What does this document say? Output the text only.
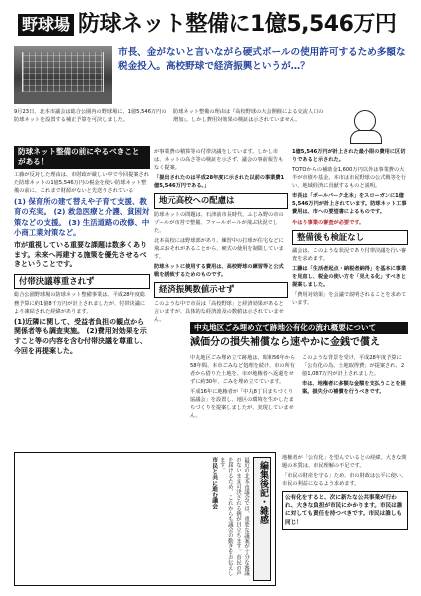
野球場 防球ネット整備に1億5,546万円
市長、金がないと言いながら硬式ボールの使用許可するため多額な税金投入。高校野球で経済振興というが…？
9月23日、北本市議会は総合公園内の野球場に、1億5,546万円の防球ネットを設置する補正予算を可決しました。
防球ネット整備の理由は『高校野球の大会開催による交流人口の増加』。しかし費用対効果の検証は示されていません。
防球ネット整備の前にやるべきことがある！

工藤が反対した理由は、市財政が厳しい中で今回提案された防球ネットの1億5,546万円の税金を使い防球ネット整備の前に、これまで財源がないと先送りされている

(1) 保育所の建て替えや子育て支援、教育の充実。 (2) 救急医療と介護、貧困対策などの支援。 (3) 生活道路の改修、中小商工業対策など。
市が重視している重要な課題は数多くあります。未来へ再建する施策を優先させるべきということです。
付帯決議尊重されず

総合公園野球場の防球ネット整備事業は、平成28年度総務予算に約1億8千万円が計上されましたが、付帯決議により凍結された経緯があります。

(1)近隣に関して、受益者負担の観点から関係者等も調査実施。 (2)費用対効果を示すこと等の内容を含む付帯決議を尊重し、今回を再提案した。

が事業費の積算等の付帯決議をしています。しかし市は、ネットの高さ等の検証を示さず、議会の事前報告もなく提案。

「提出されたのは平成28年度に示された以前の事業費1億5,546万円である。」

地元高校への配慮は

防球ネットの問題は、石津前市長時代、ふじみ野の市のプールが市営で整備、ファールボールが飛ぶ状況でした。

北本高校には野球部があり、練習中の打球が住宅などに飛ぶおそれがあることから、硬式の使用を制限しています。

防球ネットに使用する費用は、高校野球の練習等と公式戦を誘致するためのものです。

経済振興数値示せず

このような中で市長は「高校野球」と経済効果があると言いますが、具体的な経済波及の数値は示されていません。

1億5,546万円が計上された最小限の費用に区切りであると示された。

TOTOからの補助金1,600万円以外は事業費の大半が市債や基金。本市は市民野球の公式戦等を行い、地域経済に貢献するものと説明。

市長は「ボールパーク北本」をスローガンに1億5,546万円が計上されています。防球ネット工事費用は、市への要望書によるものです。

やはり事業の審査が必要です。

整備後も検証なし

議会は、このような状況であり付帯決議を行い審査を求めます。

工藤は「生活者起点・納税者納得」を基本に事業を見直し、税金の使い方を「見える化」すべきと提案しました。

「費用対効果」を会議で説明されることを求めています。

中丸地区ごみ埋め立て跡地公有化の流れ概要について
減価分の損失補償なら速やかに金銭で償え

中丸地区ごみ埋め立て跡地は、昭和56年から58年間、本市ごみなど処理を続け、市の所有者から借りた土地を、市が地権者へ返還をせずに約30年、ごみを埋め立てています。

平成16年に地権者が「中丸8丁目まちづくり協議会」を設置し、地区の環境を生かしたまちづくりを提案しましたが、実現していません。

このような背景を受け、平成28年度予算に「公有化の為、土地取得費」が提案され、2億1,087万円が計上されました。

市は、地権者に多額な金額を支払うことを提案。損失分の補償を行うべきです。

編集後記・雑感
最近の北本市議会では、重要な議案が十分な審議のないまま可決される例が目立ちます。市民の声を届けるため、これからも議会の動きをお伝えします。
市民と共に進む議会	地権者が「公有化」を望んでいるとの経緯。大きな問題の本質は、市民理解の不足です。

「市民の財産を守る」ため、市の財政は公平に使い、市民の利益になるよう求めます。

公有化をすると、次に新たな公共事業が行われ、大きな負担が市民にかかります。市民は誰に対しても責任を持つべきです。市民は誰しも同じ！
